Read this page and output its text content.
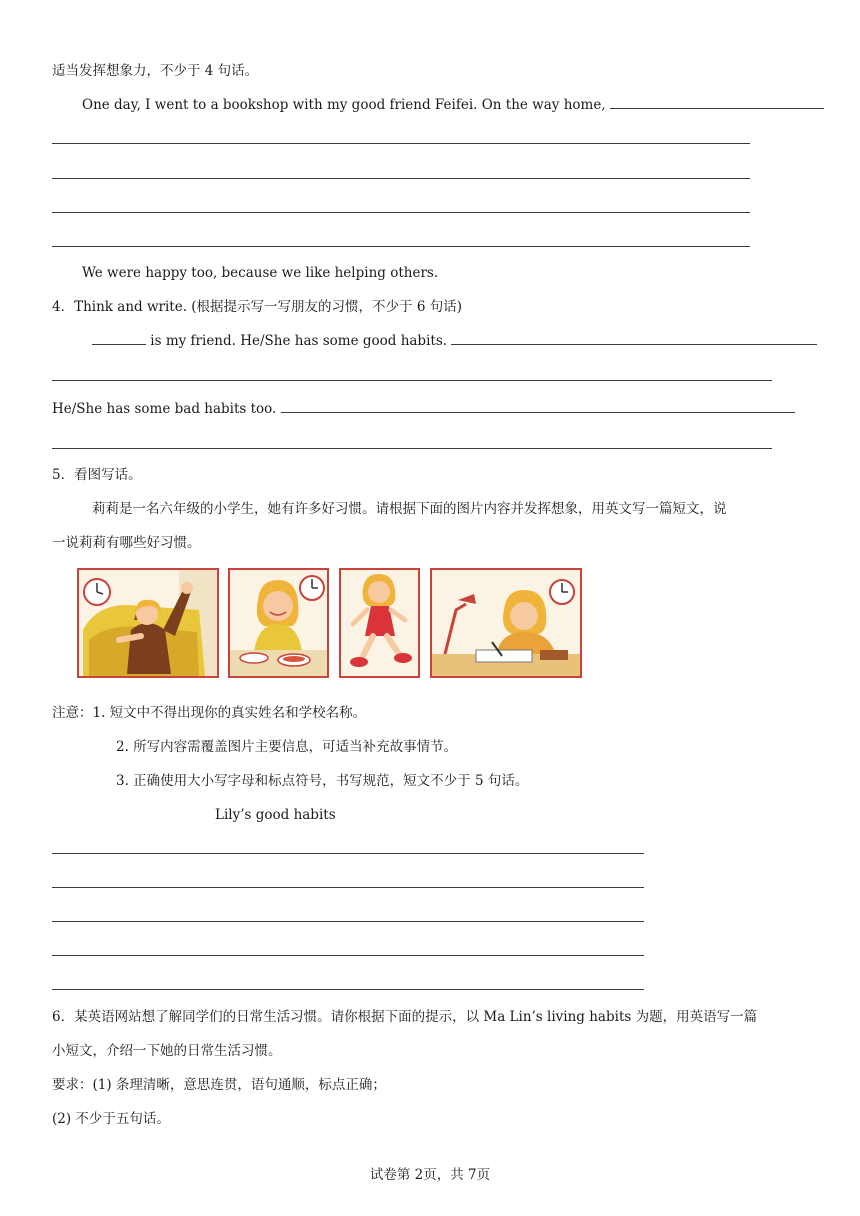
适当发挥想象力，不少于 4 句话。
One day, I went to a bookshop with my good friend Feifei. On the way home,
We were happy too, because we like helping others.
4．Think and write. (根据提示写一写朋友的习惯，不少于 6 句话)
is my friend. He/She has some good habits.
He/She has some bad habits too.
5．看图写话。
莉莉是一名六年级的小学生，她有许多好习惯。请根据下面的图片内容并发挥想象，用英文写一篇短文，说
一说莉莉有哪些好习惯。
注意：1. 短文中不得出现你的真实姓名和学校名称。
2. 所写内容需覆盖图片主要信息，可适当补充故事情节。
3. 正确使用大小写字母和标点符号，书写规范，短文不少于 5 句话。
Lily’s good habits
6．某英语网站想了解同学们的日常生活习惯。请你根据下面的提示，以 Ma Lin’s living habits 为题，用英语写一篇
小短文，介绍一下她的日常生活习惯。
要求：(1) 条理清晰，意思连贯，语句通顺，标点正确；
(2) 不少于五句话。
试卷第 2页，共 7页
